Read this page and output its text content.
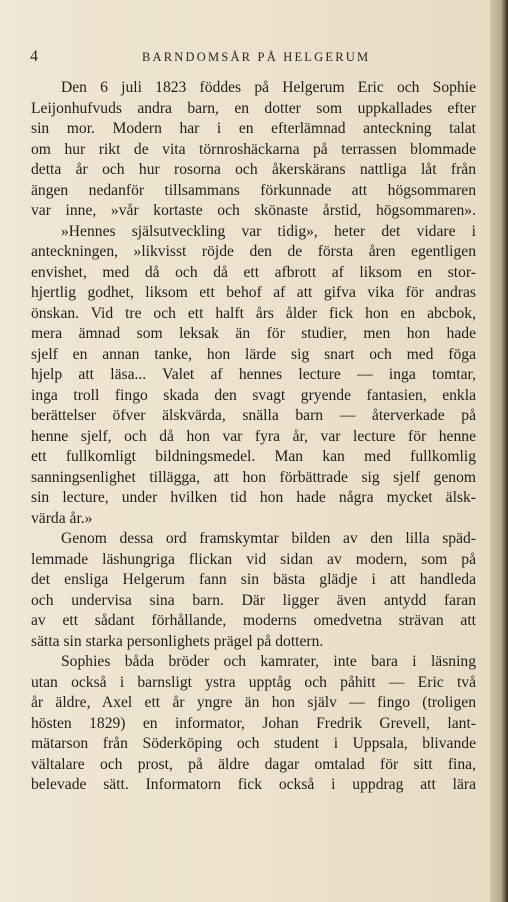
4	BARNDOMSÅR PÅ HELGERUM
Den 6 juli 1823 föddes på Helgerum Eric och Sophie
Leijonhufvuds andra barn, en dotter som uppkallades efter
sin mor. Modern har i en efterlämnad anteckning talat
om hur rikt de vita törnroshäckarna på terrassen blommade
detta år och hur rosorna och åkerskärans nattliga låt från
ängen nedanför tillsammans förkunnade att högsommaren
var inne, »vår kortaste och skönaste årstid, högsommaren».
»Hennes själsutveckling var tidig», heter det vidare i
anteckningen, »likvisst röjde den de första åren egentligen
envishet, med då och då ett afbrott af liksom en stor-
hjertlig godhet, liksom ett behof af att gifva vika för andras
önskan. Vid tre och ett halft års ålder fick hon en abcbok,
mera ämnad som leksak än för studier, men hon hade
sjelf en annan tanke, hon lärde sig snart och med föga
hjelp att läsa... Valet af hennes lecture — inga tomtar,
inga troll fingo skada den svagt gryende fantasien, enkla
berättelser öfver älskvärda, snälla barn — återverkade på
henne sjelf, och då hon var fyra år, var lecture för henne
ett fullkomligt bildningsmedel. Man kan med fullkomlig
sanningsenlighet tillägga, att hon förbättrade sig sjelf genom
sin lecture, under hvilken tid hon hade några mycket älsk-
värda år.»
Genom dessa ord framskymtar bilden av den lilla späd-
lemmade läshungriga flickan vid sidan av modern, som på
det ensliga Helgerum fann sin bästa glädje i att handleda
och undervisa sina barn. Där ligger även antydd faran
av ett sådant förhållande, moderns omedvetna strävan att
sätta sin starka personlighets prägel på dottern.
Sophies båda bröder och kamrater, inte bara i läsning
utan också i barnsligt ystra upptåg och påhitt — Eric två
år äldre, Axel ett år yngre än hon själv — fingo (troligen
hösten 1829) en informator, Johan Fredrik Grevell, lant-
mätarson från Söderköping och student i Uppsala, blivande
vältalare och prost, på äldre dagar omtalad för sitt fina,
belevade sätt. Informatorn fick också i uppdrag att lära
